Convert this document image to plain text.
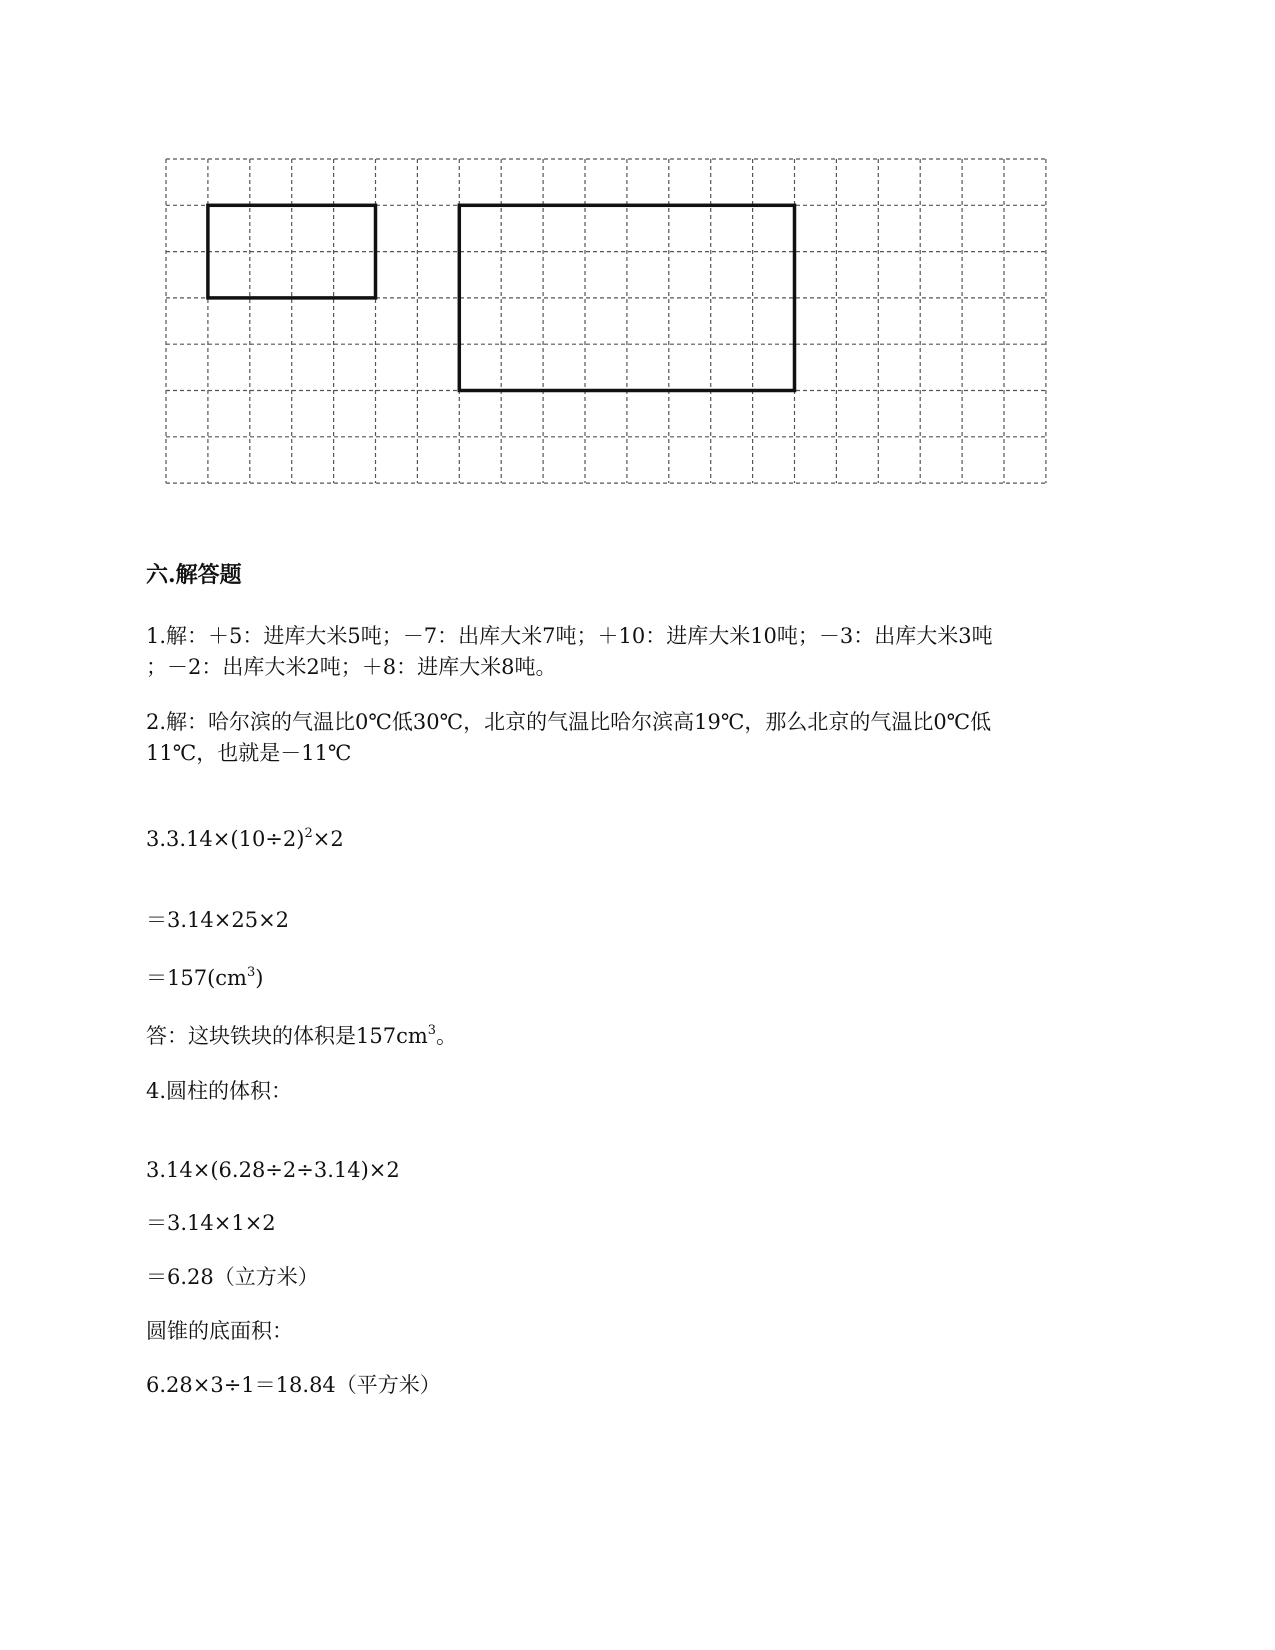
六.解答题
1.解：＋5：进库大米5吨；－7：出库大米7吨；＋10：进库大米10吨；－3：出库大米3吨
；－2：出库大米2吨；＋8：进库大米8吨。
2.解：哈尔滨的气温比0℃低30℃，北京的气温比哈尔滨高19℃，那么北京的气温比0℃低
11℃，也就是－11℃
$3.3.14\times(10\div 2)^2\times 2$
＝3.14×25×2
$=157(cm^3)$
答：这块铁块的体积是$157cm^3$。
4.圆柱的体积：
3.14×(6.28÷2÷3.14)×2
＝3.14×1×2
＝6.28（立方米）
圆锥的底面积：
6.28×3÷1＝18.84（平方米）
